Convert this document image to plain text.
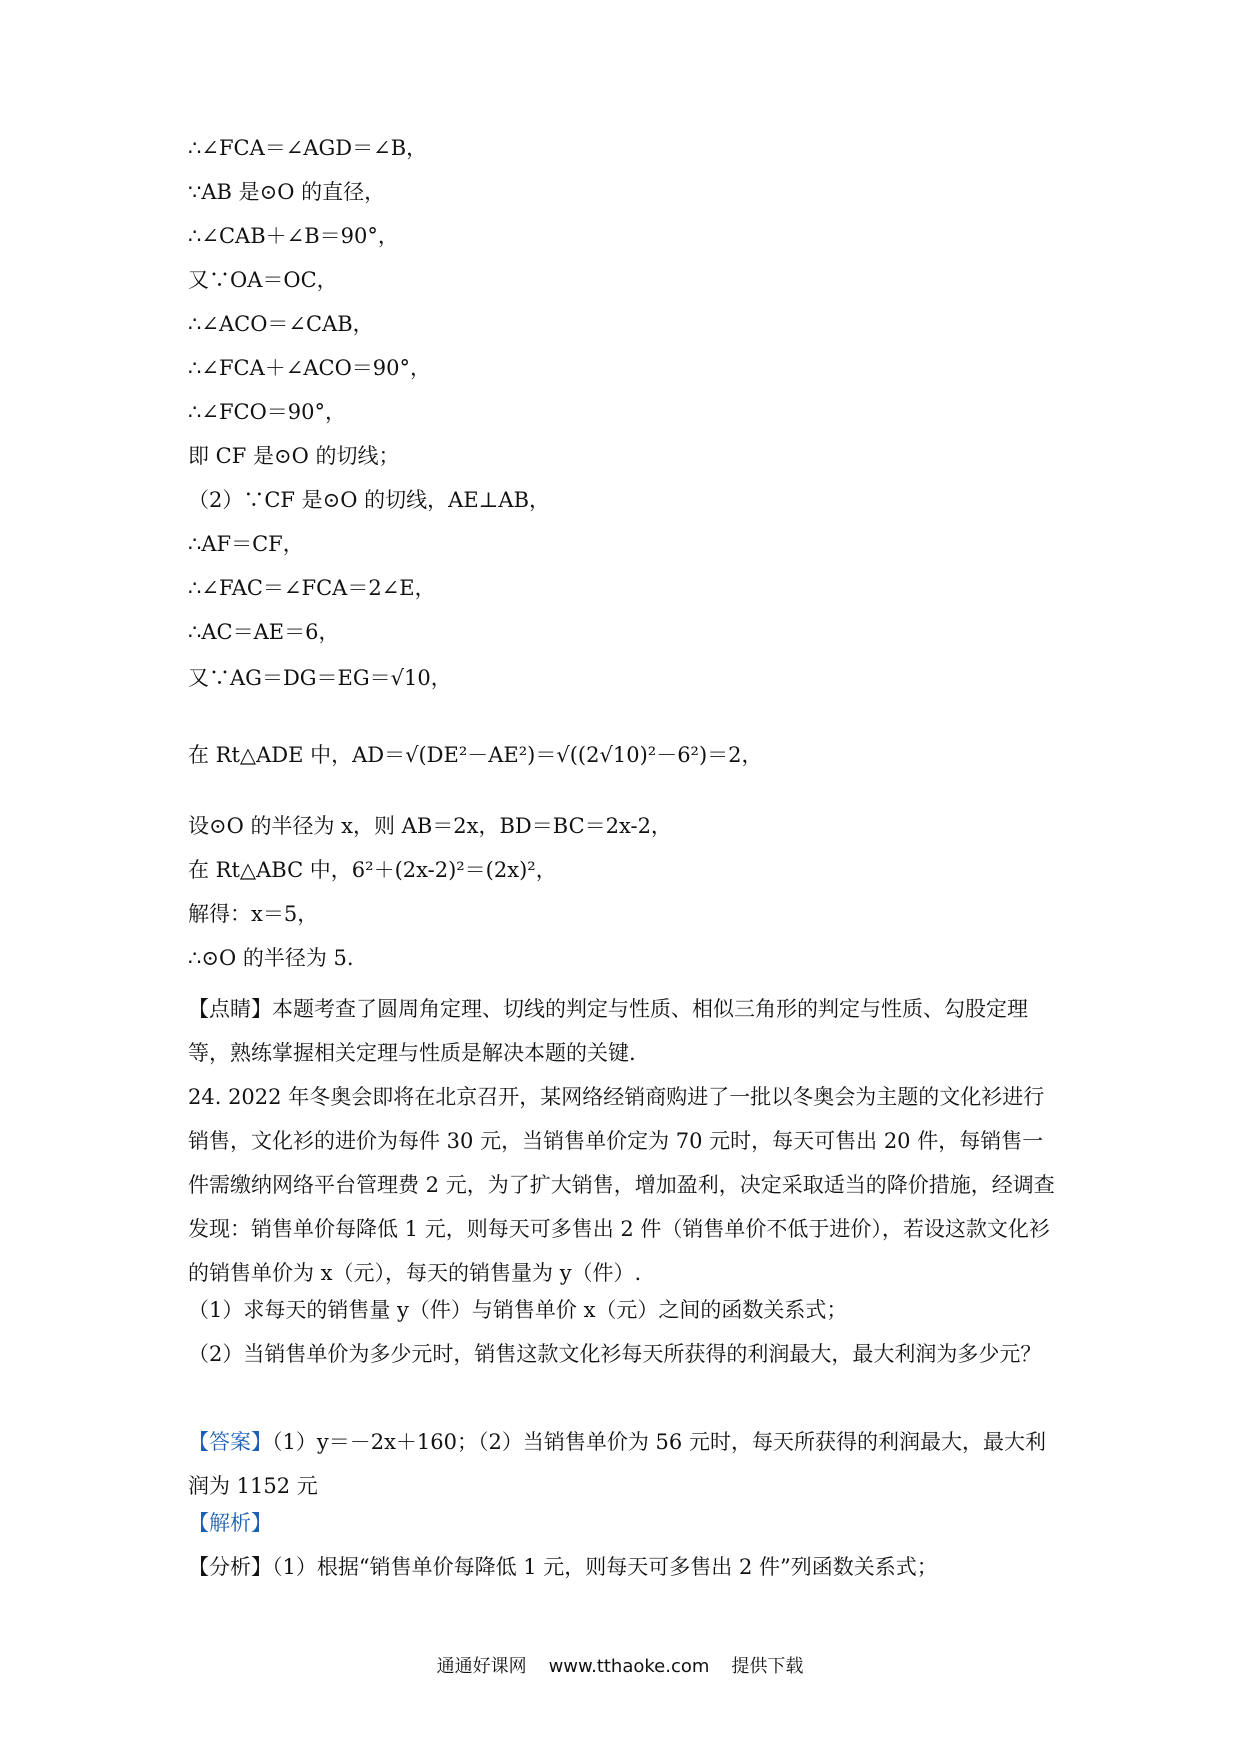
∴∠FCA＝∠AGD＝∠B，
∵AB 是⊙O 的直径，
∴∠CAB＋∠B＝90°，
又∵OA＝OC，
∴∠ACO＝∠CAB，
∴∠FCA＋∠ACO＝90°，
∴∠FCO＝90°，
即 CF 是⊙O 的切线；
（2）∵CF 是⊙O 的切线，AE⊥AB，
∴AF＝CF，
∴∠FAC＝∠FCA＝2∠E，
∴AC＝AE＝6，
又∵AG＝DG＝EG＝√10，
在 Rt△ADE 中，AD＝√(DE²－AE²)＝√((2√10)²－6²)＝2，
设⊙O 的半径为 x，则 AB＝2x，BD＝BC＝2x-2，
在 Rt△ABC 中，6²＋(2x-2)²＝(2x)²，
解得：x＝5，
∴⊙O 的半径为 5.
【点睛】本题考查了圆周角定理、切线的判定与性质、相似三角形的判定与性质、勾股定理等，熟练掌握相关定理与性质是解决本题的关键.
24. 2022 年冬奥会即将在北京召开，某网络经销商购进了一批以冬奥会为主题的文化衫进行销售，文化衫的进价为每件 30 元，当销售单价定为 70 元时，每天可售出 20 件，每销售一件需缴纳网络平台管理费 2 元，为了扩大销售，增加盈利，决定采取适当的降价措施，经调查发现：销售单价每降低 1 元，则每天可多售出 2 件（销售单价不低于进价），若设这款文化衫的销售单价为 x（元），每天的销售量为 y（件）.
（1）求每天的销售量 y（件）与销售单价 x（元）之间的函数关系式；
（2）当销售单价为多少元时，销售这款文化衫每天所获得的利润最大，最大利润为多少元？
【答案】（1）y＝－2x＋160；（2）当销售单价为 56 元时，每天所获得的利润最大，最大利润为 1152 元
【解析】
【分析】（1）根据“销售单价每降低 1 元，则每天可多售出 2 件”列函数关系式；
通通好课网 www.tthaoke.com 提供下载
